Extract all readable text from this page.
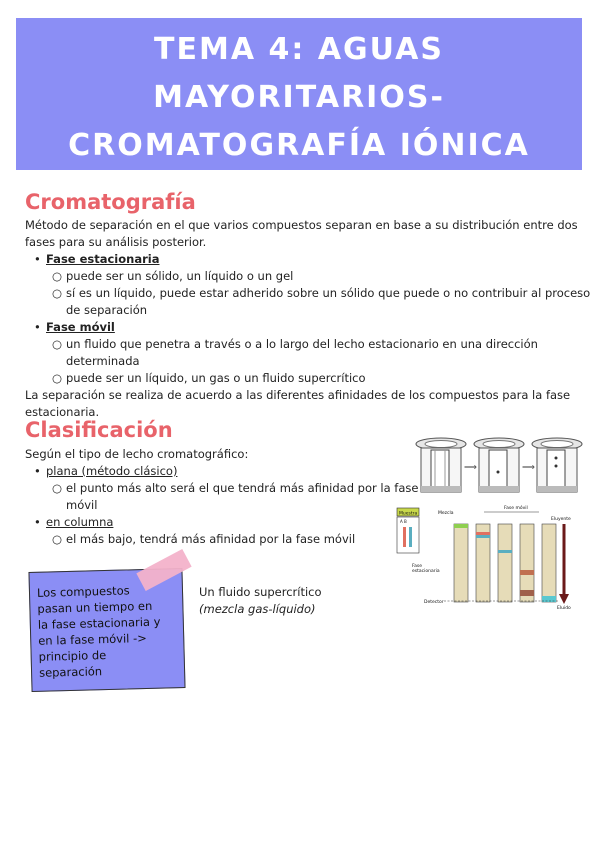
TEMA 4: AGUAS
MAYORITARIOS-
CROMATOGRAFÍA IÓNICA
Cromatografía
Método de separación en el que varios compuestos separan en base a su distribución entre dos
fases para su análisis posterior.
• Fase estacionaria
○ puede ser un sólido, un líquido o un gel
○ sí es un líquido, puede estar adherido sobre un sólido que puede o no contribuir al proceso
de separación
• Fase móvil
○ un fluido que penetra a través o a lo largo del lecho estacionario en una dirección
determinada
○ puede ser un líquido, un gas o un fluido supercrítico
La separación se realiza de acuerdo a las diferentes afinidades de los compuestos para la fase
estacionaria.
Clasificación
Según el tipo de lecho cromatográfico:
• plana (método clásico)
○ el punto más alto será el que tendrá más afinidad por la fase
móvil
• en columna
○ el más bajo, tendrá más afinidad por la fase móvil
Los compuestos
pasan un tiempo en
la fase estacionaria y
en la fase móvil ->
principio de
separación
Un fluido supercrítico
(mezcla gas-líquido)
⟹	⟹
Muestra
A B
Mezcla
Fase móvil
Eluyente
Fase
estacionaria
Detector
Eluido
